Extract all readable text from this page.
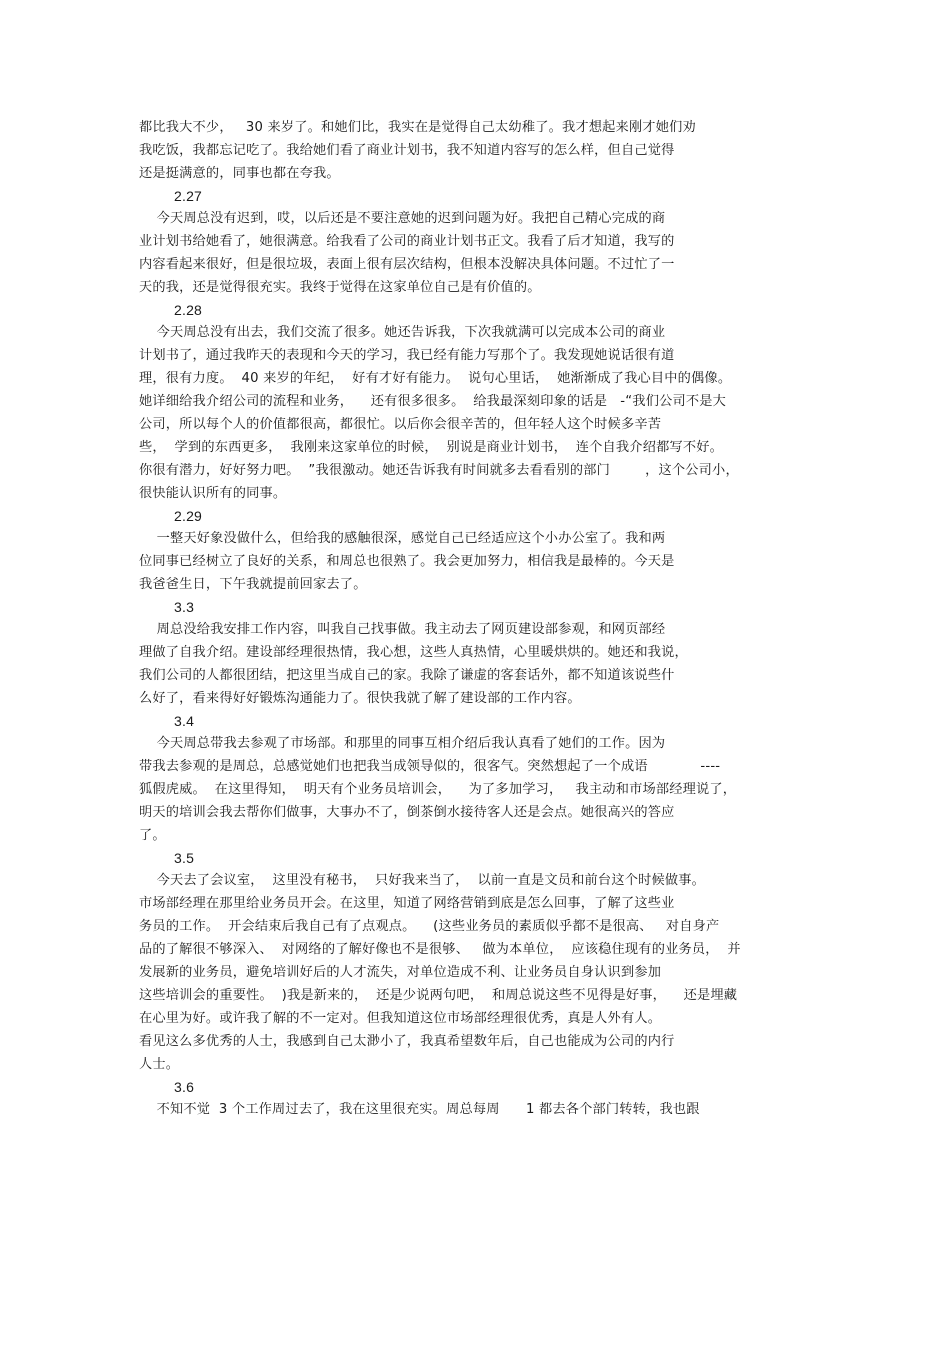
都比我大不少，   30 来岁了。和她们比，我实在是觉得自己太幼稚了。我才想起来刚才她们劝
我吃饭，我都忘记吃了。我给她们看了商业计划书，我不知道内容写的怎么样，但自己觉得
还是挺满意的，同事也都在夸我。
2.27
今天周总没有迟到，哎，以后还是不要注意她的迟到问题为好。我把自己精心完成的商
业计划书给她看了，她很满意。给我看了公司的商业计划书正文。我看了后才知道，我写的
内容看起来很好，但是很垃圾，表面上很有层次结构，但根本没解决具体问题。不过忙了一
天的我，还是觉得很充实。我终于觉得在这家单位自己是有价值的。
2.28
今天周总没有出去，我们交流了很多。她还告诉我，下次我就满可以完成本公司的商业
计划书了，通过我昨天的表现和今天的学习，我已经有能力写那个了。我发现她说话很有道
理，很有力度。  40 来岁的年纪，  好有才好有能力。  说句心里话，  她渐渐成了我心目中的偶像。
她详细给我介绍公司的流程和业务，    还有很多很多。  给我最深刻印象的话是   -“我们公司不是大
公司，所以每个人的价值都很高，都很忙。以后你会很辛苦的，但年轻人这个时候多辛苦
些，  学到的东西更多，  我刚来这家单位的时候，  别说是商业计划书，  连个自我介绍都写不好。
你很有潜力，好好努力吧。  ”我很激动。她还告诉我有时间就多去看看别的部门        ，这个公司小，
很快能认识所有的同事。
2.29
一整天好象没做什么，但给我的感触很深，感觉自己已经适应这个小办公室了。我和两
位同事已经树立了良好的关系，和周总也很熟了。我会更加努力，相信我是最棒的。今天是
我爸爸生日，下午我就提前回家去了。
3.3
周总没给我安排工作内容，叫我自己找事做。我主动去了网页建设部参观，和网页部经
理做了自我介绍。建设部经理很热情，我心想，这些人真热情，心里暖烘烘的。她还和我说，
我们公司的人都很团结，把这里当成自己的家。我除了谦虚的客套话外，都不知道该说些什
么好了，看来得好好锻炼沟通能力了。很快我就了解了建设部的工作内容。
3.4
今天周总带我去参观了市场部。和那里的同事互相介绍后我认真看了她们的工作。因为
带我去参观的是周总，总感觉她们也把我当成领导似的，很客气。突然想起了一个成语            ----
狐假虎威。  在这里得知，  明天有个业务员培训会，    为了多加学习，   我主动和市场部经理说了，
明天的培训会我去帮你们做事，大事办不了，倒茶倒水接待客人还是会点。她很高兴的答应
了。
3.5
今天去了会议室，  这里没有秘书，  只好我来当了，  以前一直是文员和前台这个时候做事。
市场部经理在那里给业务员开会。在这里，知道了网络营销到底是怎么回事，了解了这些业
务员的工作。  开会结束后我自己有了点观点。    (这些业务员的素质似乎都不是很高、   对自身产
品的了解很不够深入、  对网络的了解好像也不是很够、   做为本单位，  应该稳住现有的业务员，  并
发展新的业务员，避免培训好后的人才流失，对单位造成不利、让业务员自身认识到参加
这些培训会的重要性。  )我是新来的，  还是少说两句吧，  和周总说这些不见得是好事，    还是埋藏
在心里为好。或许我了解的不一定对。但我知道这位市场部经理很优秀，真是人外有人。
看见这么多优秀的人士，我感到自己太渺小了，我真希望数年后，自己也能成为公司的内行
人士。
3.6
不知不觉  3 个工作周过去了，我在这里很充实。周总每周      1 都去各个部门转转，我也跟
